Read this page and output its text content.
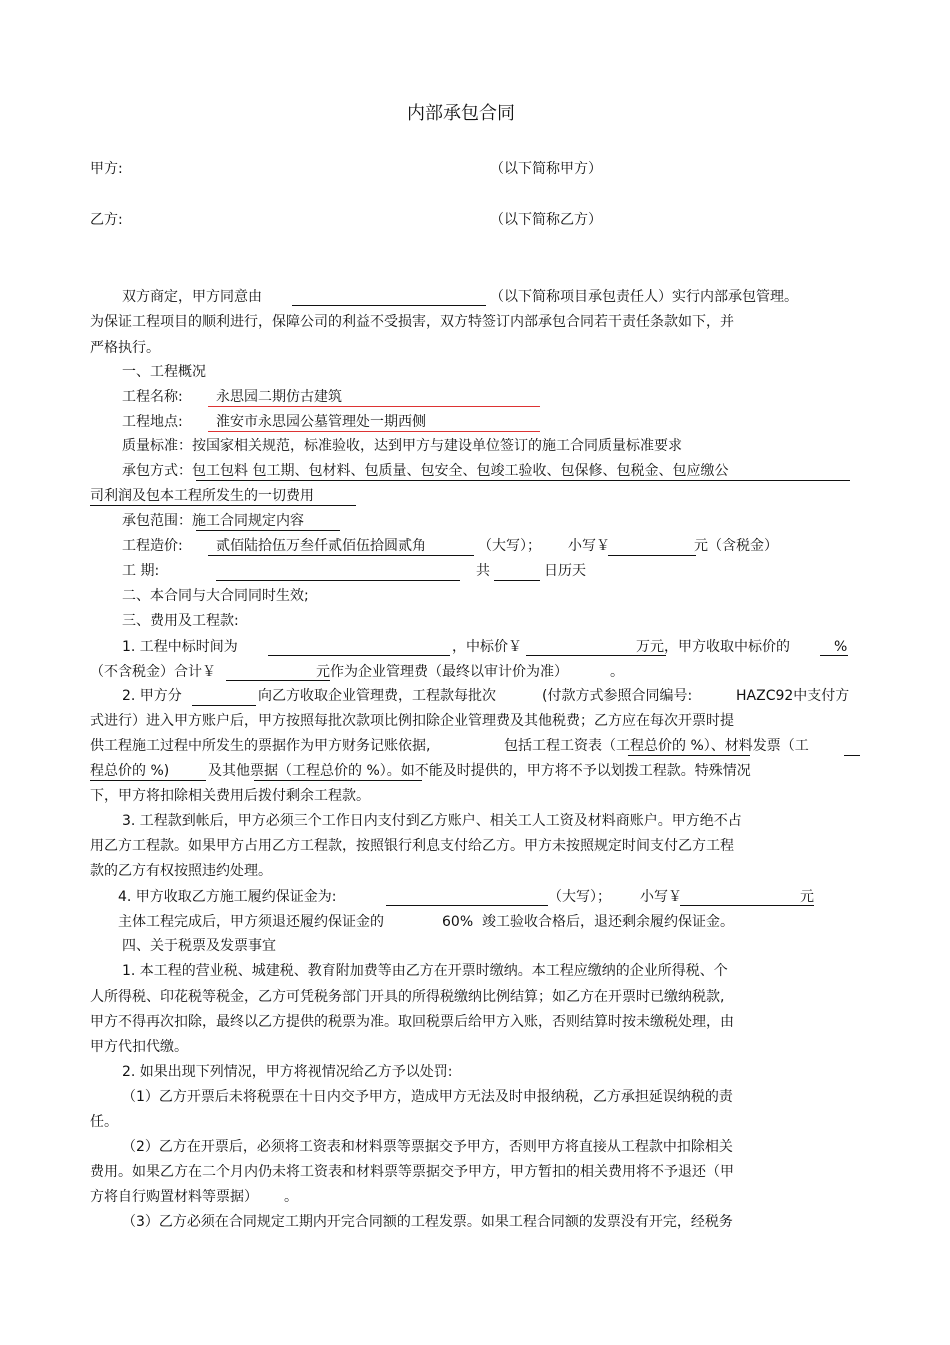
内部承包合同
甲方:	（以下简称甲方）
乙方:	（以下简称乙方）
双方商定，甲方同意由	（以下简称项目承包责任人）实行内部承包管理。
为保证工程项目的顺利进行，保障公司的利益不受损害，双方特签订内部承包合同若干责任条款如下，并
严格执行。
一、工程概况
工程名称: 永思园二期仿古建筑
工程地点: 淮安市永思园公墓管理处一期西侧
质量标准：按国家相关规范，标准验收，达到甲方与建设单位签订的施工合同质量标准要求
承包方式：包工包料 包工期、包材料、包质量、包安全、包竣工验收、包保修、包税金、包应缴公
司利润及包本工程所发生的一切费用
承包范围：施工合同规定内容
工程造价: 贰佰陆拾伍万叁仟贰佰伍拾圆贰角	（大写）； 小写￥	元（含税金）
工 期:	共	日历天
二、本合同与大合同同时生效;
三、费用及工程款:
1. 工程中标时间为	，中标价￥	万元，甲方收取中标价的	%
（不含税金）合计￥	元作为企业管理费（最终以审计价为准）	。
2. 甲方分	向乙方收取企业管理费，工程款每批次	(付款方式参照合同编号:	HAZC92中支付方
式进行）进入甲方账户后，甲方按照每批次款项比例扣除企业管理费及其他税费；乙方应在每次开票时提
供工程施工过程中所发生的票据作为甲方财务记账依据,	包括工程工资表（工程总价的 %）、材料发票（工
程总价的 %)	及其他票据（工程总价的 %）。如不能及时提供的，甲方将不予以划拨工程款。特殊情况
下，甲方将扣除相关费用后拨付剩余工程款。
3. 工程款到帐后，甲方必须三个工作日内支付到乙方账户、相关工人工资及材料商账户。甲方绝不占
用乙方工程款。如果甲方占用乙方工程款，按照银行利息支付给乙方。甲方未按照规定时间支付乙方工程
款的乙方有权按照违约处理。
4. 甲方收取乙方施工履约保证金为:	（大写）； 小写￥	元
主体工程完成后，甲方须退还履约保证金的	60% 竣工验收合格后，退还剩余履约保证金。
四、关于税票及发票事宜
1. 本工程的营业税、城建税、教育附加费等由乙方在开票时缴纳。本工程应缴纳的企业所得税、个
人所得税、印花税等税金，乙方可凭税务部门开具的所得税缴纳比例结算；如乙方在开票时已缴纳税款,
甲方不得再次扣除，最终以乙方提供的税票为准。取回税票后给甲方入账，否则结算时按未缴税处理，由
甲方代扣代缴。
2. 如果出现下列情况，甲方将视情况给乙方予以处罚:
（1）乙方开票后未将税票在十日内交予甲方，造成甲方无法及时申报纳税，乙方承担延误纳税的责
任。
（2）乙方在开票后，必须将工资表和材料票等票据交予甲方，否则甲方将直接从工程款中扣除相关
费用。如果乙方在二个月内仍未将工资表和材料票等票据交予甲方，甲方暂扣的相关费用将不予退还（甲
方将自行购置材料等票据） 。
（3）乙方必须在合同规定工期内开完合同额的工程发票。如果工程合同额的发票没有开完，经税务
